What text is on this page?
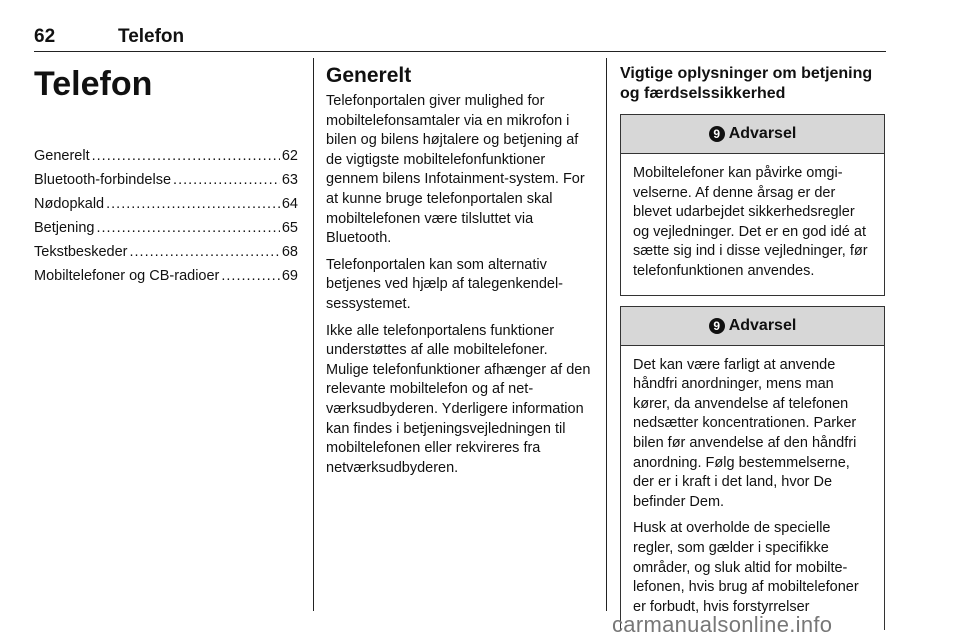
62	Telefon
Telefon
Generelt .....	62
Bluetooth-forbindelse .....	63
Nødopkald .....	64
Betjening .....	65
Tekstbeskeder .....	68
Mobiltelefoner og CB-radioer .....	69
Generelt

Telefonportalen giver mulighed for mobiltelefonsamtaler via en mikrofon i bilen og bilens højtalere og betjening af de vigtigste mobiltelefonfunktioner gennem bilens Infotainment-system. For at kunne bruge telefonportalen skal mobiltelefonen være tilsluttet via Bluetooth.

Telefonportalen kan som alternativ betjenes ved hjælp af talegenkendelsessystemet.

Ikke alle telefonportalens funktioner understøttes af alle mobiltelefoner. Mulige telefonfunktioner afhænger af den relevante mobiltelefon og af netværksudbyderen. Yderligere information kan findes i betjeningsvejledningen til mobiltelefonen eller rekvireres fra netværksudbyderen.

Vigtige oplysninger om betjening og færdselssikkerhed
9 Advarsel

Mobiltelefoner kan påvirke omgivelserne. Af denne årsag er der blevet udarbejdet sikkerhedsregler og vejledninger. Det er en god idé at sætte sig ind i disse vejledninger, før telefonfunktionen anvendes.

9 Advarsel

Det kan være farligt at anvende håndfri anordninger, mens man kører, da anvendelse af telefonen nedsætter koncentrationen. Parker bilen før anvendelse af den håndfri anordning. Følg bestemmelserne, der er i kraft i det land, hvor De befinder Dem.

Husk at overholde de specielle regler, som gælder i specifikke områder, og sluk altid for mobiltelefonen, hvis brug af mobiltelefoner er forbudt, hvis forstyrrelser

carmanualsonline.info
